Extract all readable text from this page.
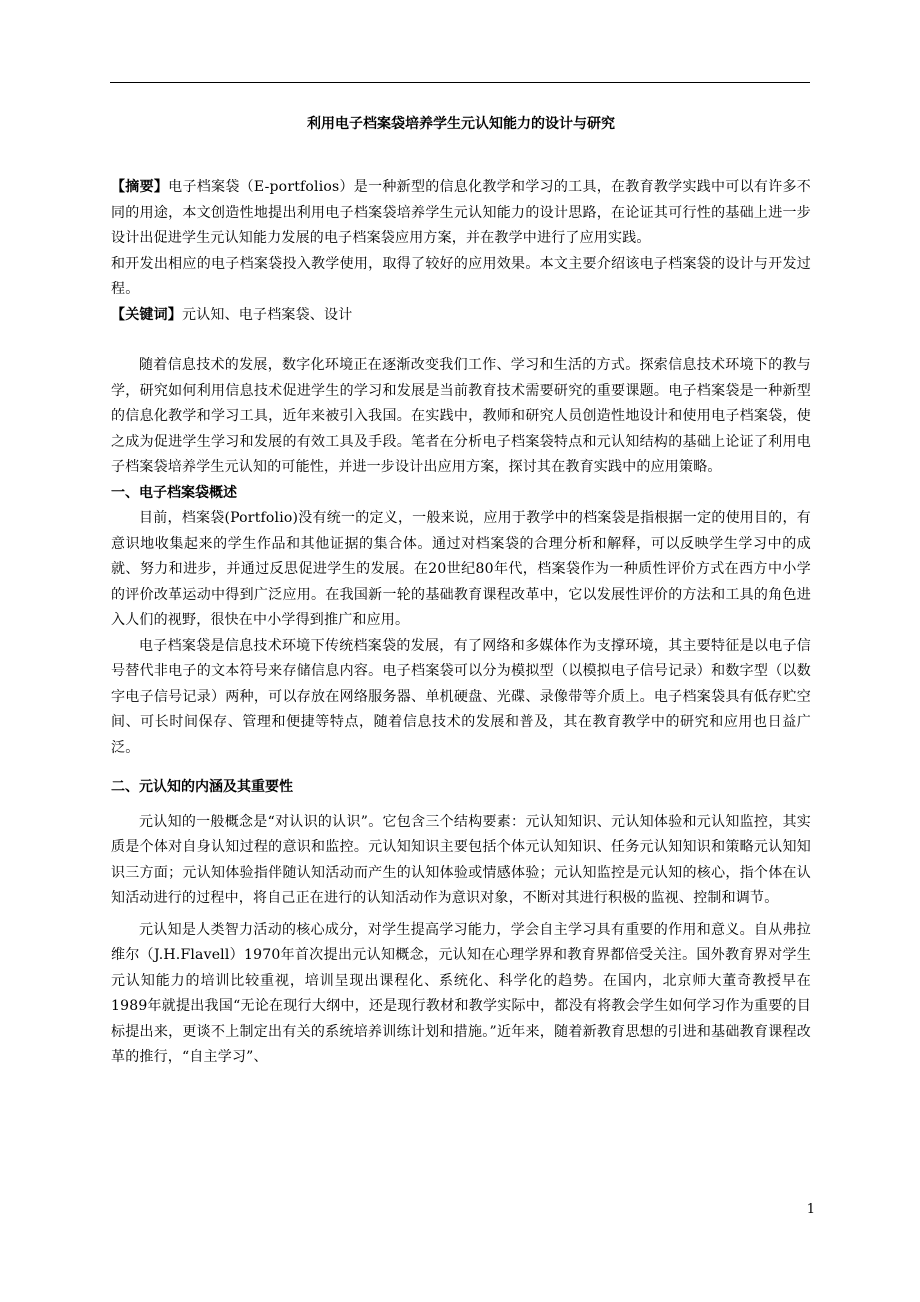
利用电子档案袋培养学生元认知能力的设计与研究

【摘要】电子档案袋（E-portfolios）是一种新型的信息化教学和学习的工具，在教育教学实践中可以有许多不同的用途，本文创造性地提出利用电子档案袋培养学生元认知能力的设计思路，在论证其可行性的基础上进一步设计出促进学生元认知能力发展的电子档案袋应用方案，并在教学中进行了应用实践。

和开发出相应的电子档案袋投入教学使用，取得了较好的应用效果。本文主要介绍该电子档案袋的设计与开发过程。

【关键词】元认知、电子档案袋、设计

随着信息技术的发展，数字化环境正在逐渐改变我们工作、学习和生活的方式。探索信息技术环境下的教与学，研究如何利用信息技术促进学生的学习和发展是当前教育技术需要研究的重要课题。电子档案袋是一种新型的信息化教学和学习工具，近年来被引入我国。在实践中，教师和研究人员创造性地设计和使用电子档案袋，使之成为促进学生学习和发展的有效工具及手段。笔者在分析电子档案袋特点和元认知结构的基础上论证了利用电子档案袋培养学生元认知的可能性，并进一步设计出应用方案，探讨其在教育实践中的应用策略。

一、电子档案袋概述

目前，档案袋(Portfolio)没有统一的定义，一般来说，应用于教学中的档案袋是指根据一定的使用目的，有意识地收集起来的学生作品和其他证据的集合体。通过对档案袋的合理分析和解释，可以反映学生学习中的成就、努力和进步，并通过反思促进学生的发展。在20世纪80年代，档案袋作为一种质性评价方式在西方中小学的评价改革运动中得到广泛应用。在我国新一轮的基础教育课程改革中，它以发展性评价的方法和工具的角色进入人们的视野，很快在中小学得到推广和应用。

电子档案袋是信息技术环境下传统档案袋的发展，有了网络和多媒体作为支撑环境，其主要特征是以电子信号替代非电子的文本符号来存储信息内容。电子档案袋可以分为模拟型（以模拟电子信号记录）和数字型（以数字电子信号记录）两种，可以存放在网络服务器、单机硬盘、光碟、录像带等介质上。电子档案袋具有低存贮空间、可长时间保存、管理和便捷等特点，随着信息技术的发展和普及，其在教育教学中的研究和应用也日益广泛。

二、元认知的内涵及其重要性

元认知的一般概念是“对认识的认识”。它包含三个结构要素：元认知知识、元认知体验和元认知监控，其实质是个体对自身认知过程的意识和监控。元认知知识主要包括个体元认知知识、任务元认知知识和策略元认知知识三方面；元认知体验指伴随认知活动而产生的认知体验或情感体验；元认知监控是元认知的核心，指个体在认知活动进行的过程中，将自己正在进行的认知活动作为意识对象，不断对其进行积极的监视、控制和调节。

元认知是人类智力活动的核心成分，对学生提高学习能力，学会自主学习具有重要的作用和意义。自从弗拉维尔（J.H.Flavell）1970年首次提出元认知概念，元认知在心理学界和教育界都倍受关注。国外教育界对学生元认知能力的培训比较重视，培训呈现出课程化、系统化、科学化的趋势。在国内，北京师大董奇教授早在1989年就提出我国“无论在现行大纲中，还是现行教材和教学实际中，都没有将教会学生如何学习作为重要的目标提出来，更谈不上制定出有关的系统培养训练计划和措施。”近年来，随着新教育思想的引进和基础教育课程改革的推行，“自主学习”、

1
